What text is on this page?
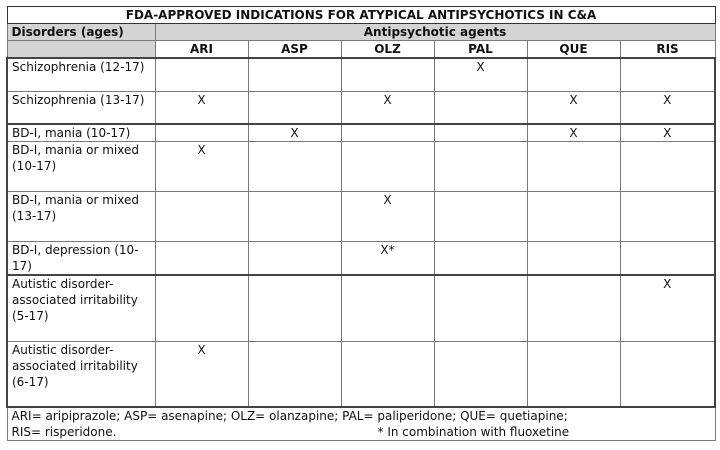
FDA-APPROVED INDICATIONS FOR ATYPICAL ANTIPSYCHOTICS IN C&A						
Disorders (ages)	Antipsychotic agents					
	ARI	ASP	OLZ	PAL	QUE	RIS
Schizophrenia (12-17)				X		
Schizophrenia (13-17)	X		X		X	X
BD-I, mania (10-17)		X			X	X
BD-I, mania or mixed (10-17)	X					
BD-I, mania or mixed (13-17)			X			
BD-I, depression (10-17)			X*			
Autistic disorder-associated irritability (5-17)						X
Autistic disorder-associated irritability (6-17)	X					

ARI= aripiprazole; ASP= asenapine; OLZ= olanzapine; PAL= paliperidone; QUE= quetiapine;
RIS= risperidone. * In combination with fluoxetine						
